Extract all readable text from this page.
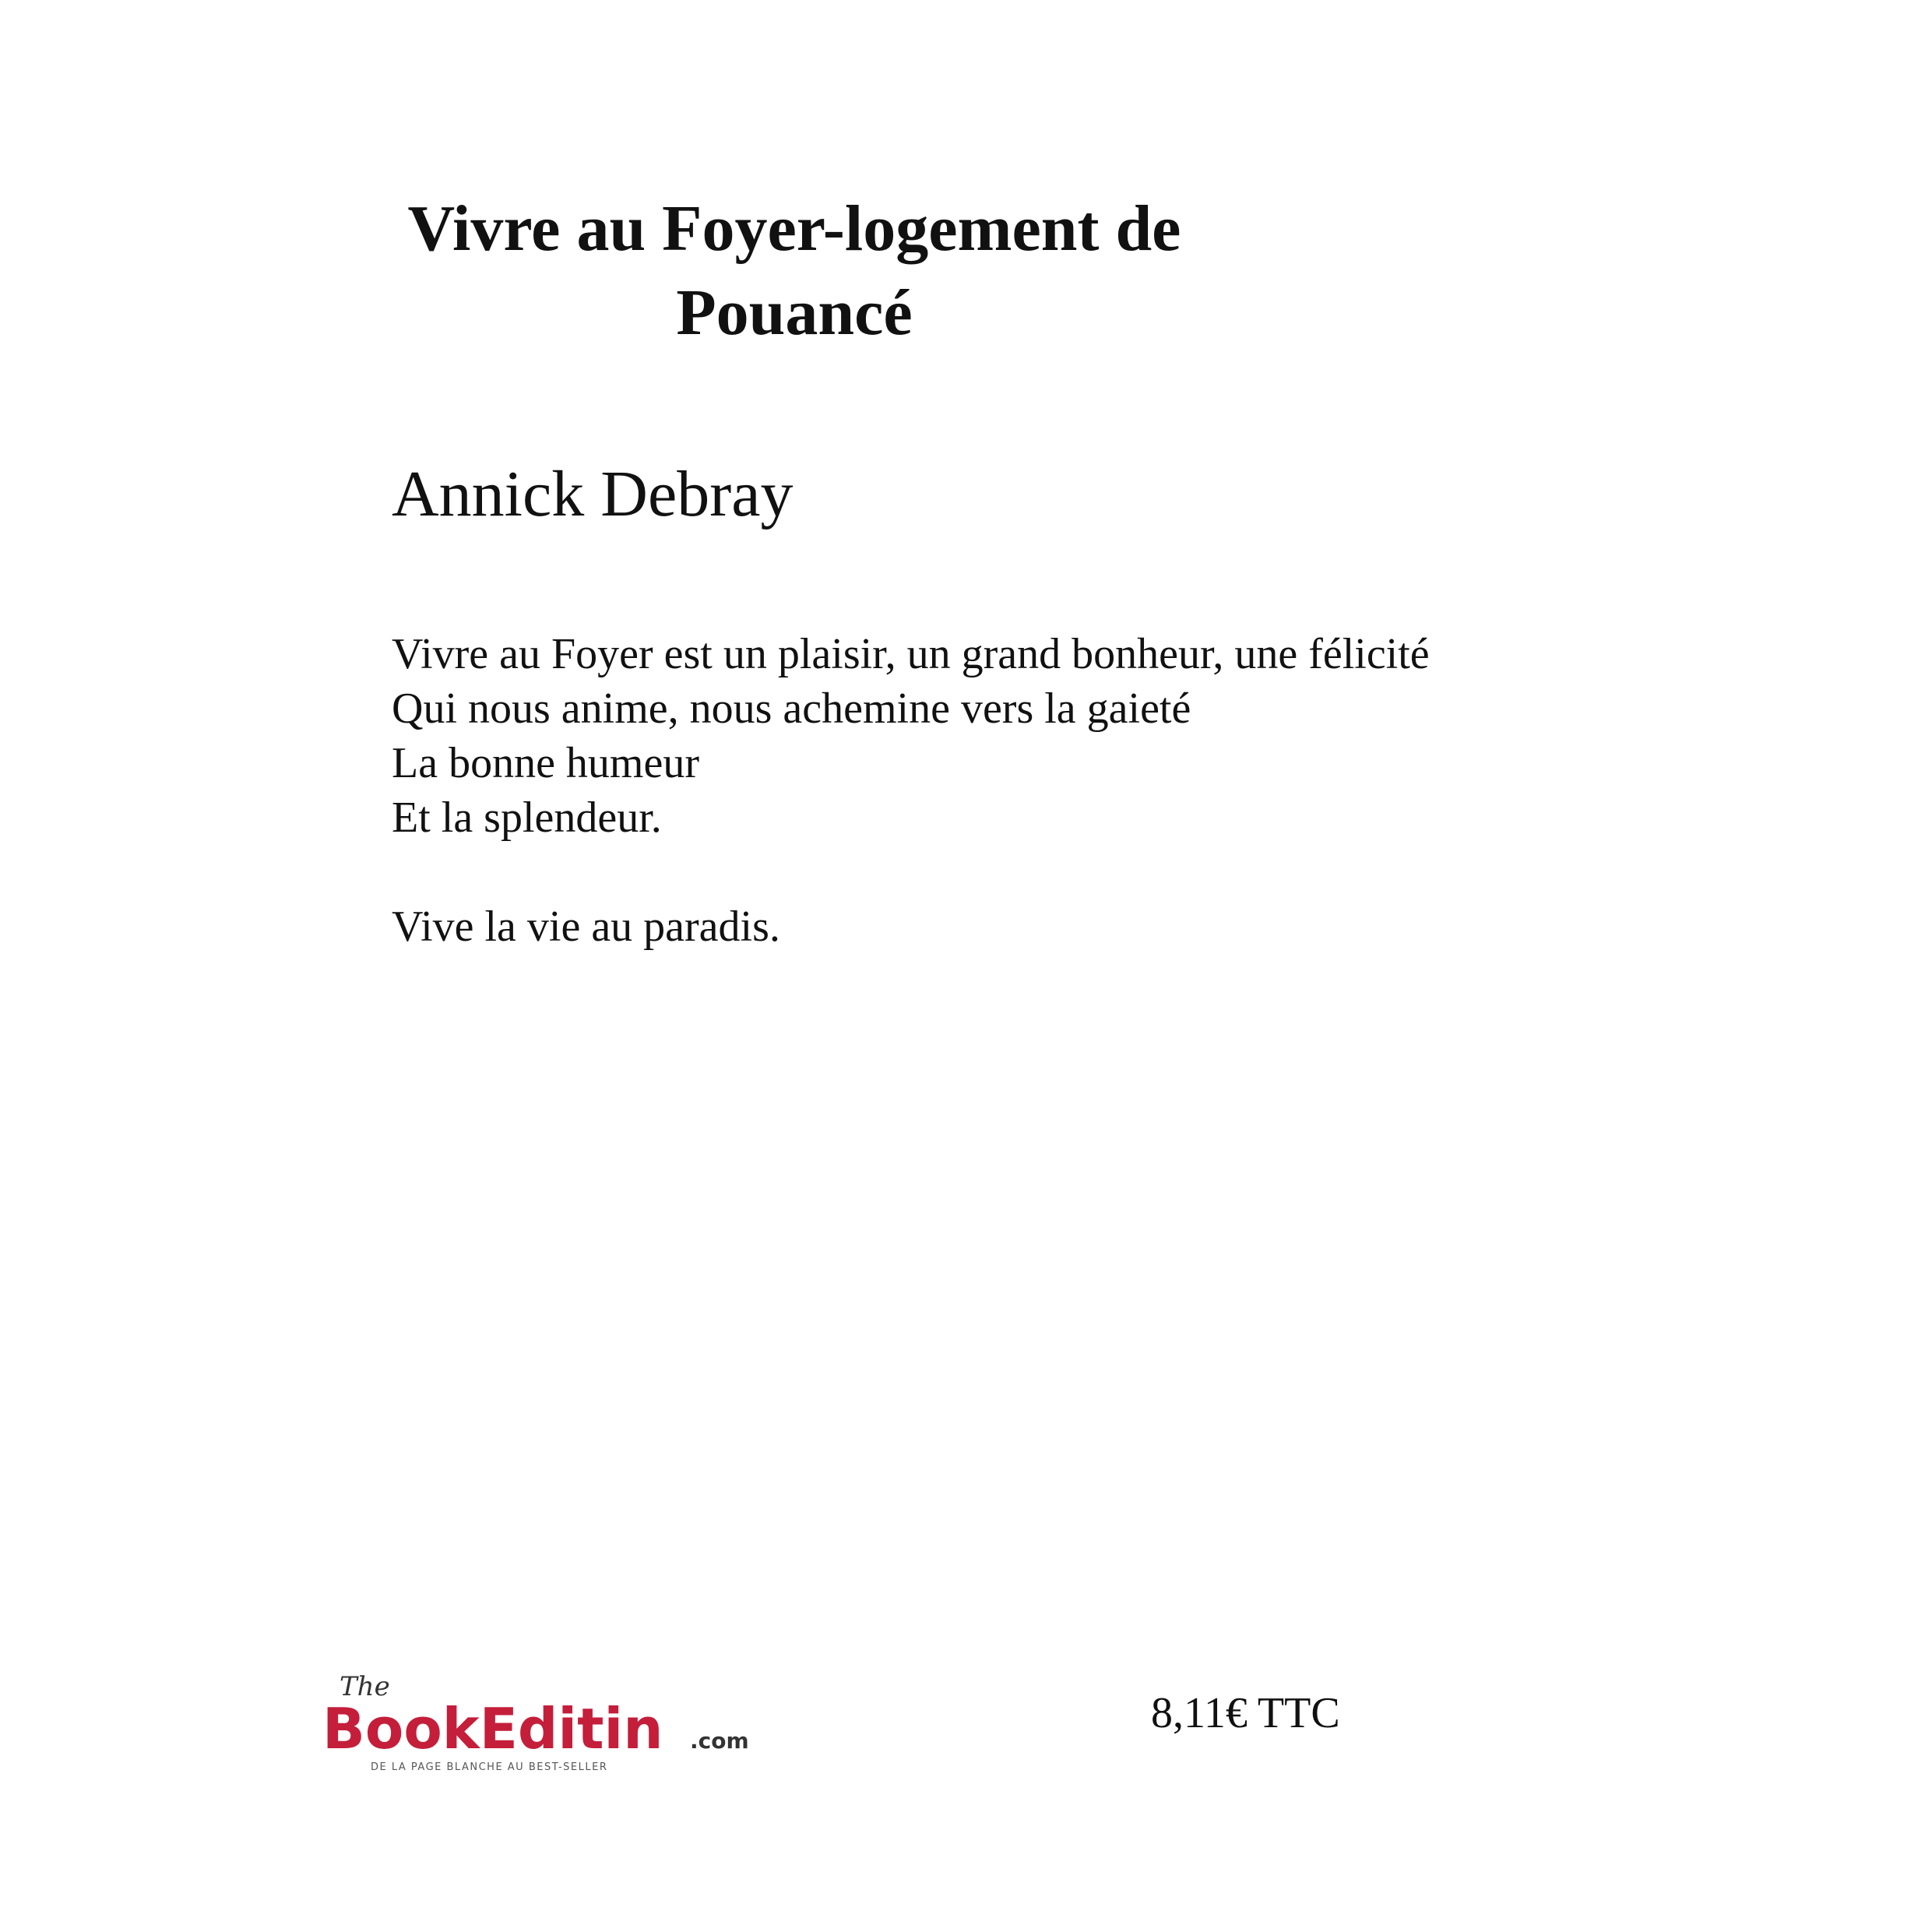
Vivre au Foyer-logement de
Pouancé
Annick Debray
Vivre au Foyer est un plaisir, un grand bonheur, une félicité
Qui nous anime, nous achemine vers la gaieté
La bonne humeur
Et la splendeur.
Vive la vie au paradis.
The
BookEditin .com
DE LA PAGE BLANCHE AU BEST-SELLER
8,11€ TTC
